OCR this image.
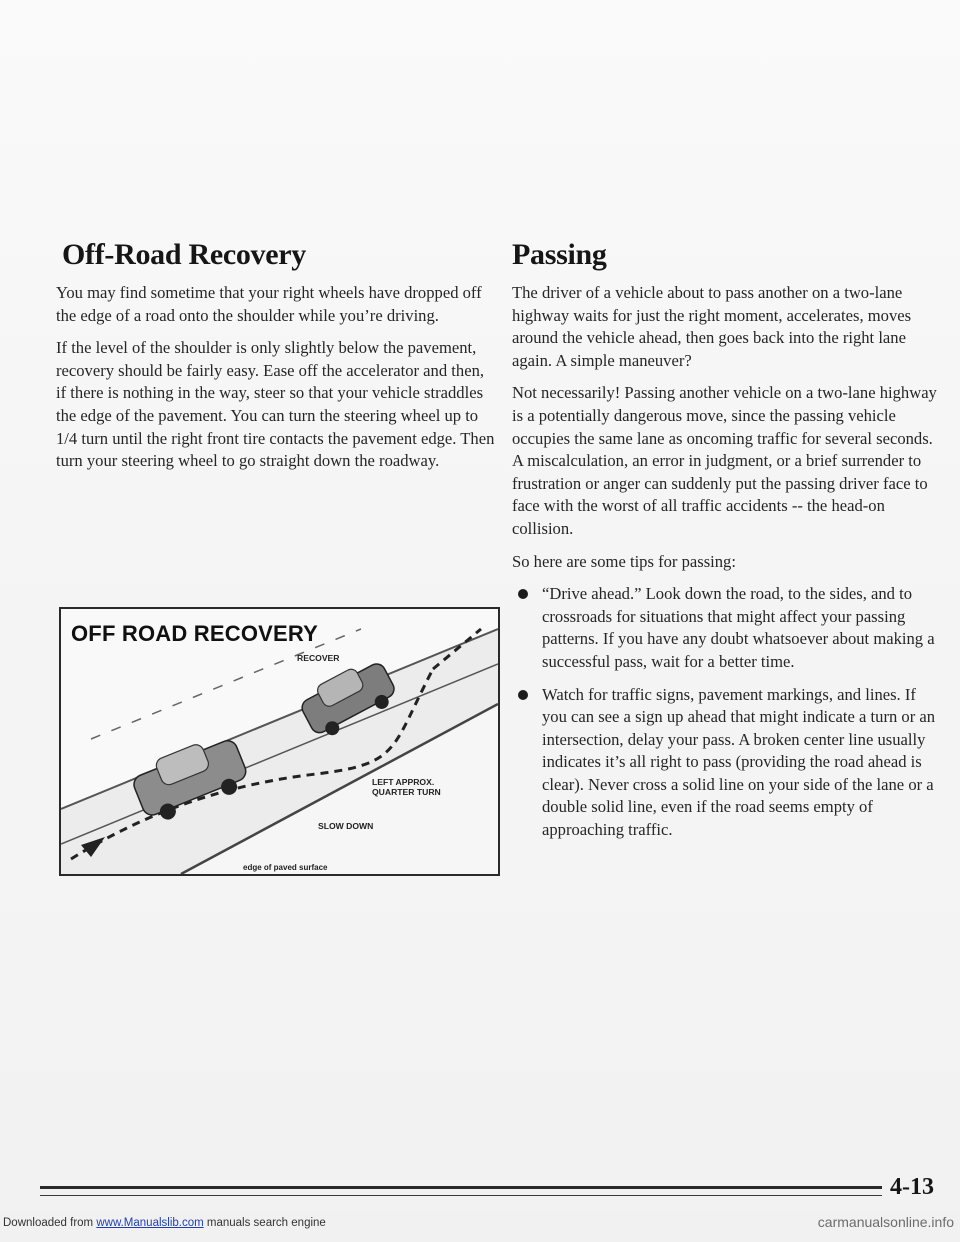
Off-Road Recovery

You may find sometime that your right wheels have dropped off the edge of a road onto the shoulder while you’re driving.

If the level of the shoulder is only slightly below the pavement, recovery should be fairly easy. Ease off the accelerator and then, if there is nothing in the way, steer so that your vehicle straddles the edge of the pavement. You can turn the steering wheel up to 1/4 turn until the right front tire contacts the pavement edge. Then turn your steering wheel to go straight down the roadway.

OFF ROAD RECOVERY
RECOVER
LEFT APPROX.
QUARTER TURN
SLOW DOWN
edge of paved surface
Passing

The driver of a vehicle about to pass another on a two-lane highway waits for just the right moment, accelerates, moves around the vehicle ahead, then goes back into the right lane again. A simple maneuver?

Not necessarily! Passing another vehicle on a two-lane highway is a potentially dangerous move, since the passing vehicle occupies the same lane as oncoming traffic for several seconds. A miscalculation, an error in judgment, or a brief surrender to frustration or anger can suddenly put the passing driver face to face with the worst of all traffic accidents -- the head-on collision.

So here are some tips for passing:

“Drive ahead.” Look down the road, to the sides, and to crossroads for situations that might affect your passing patterns. If you have any doubt whatsoever about making a successful pass, wait for a better time.
Watch for traffic signs, pavement markings, and lines. If you can see a sign up ahead that might indicate a turn or an intersection, delay your pass. A broken center line usually indicates it’s all right to pass (providing the road ahead is clear). Never cross a solid line on your side of the lane or a double solid line, even if the road seems empty of approaching traffic.
4-13
Downloaded from www.Manualslib.com manuals search engine	carmanualsonline.info
